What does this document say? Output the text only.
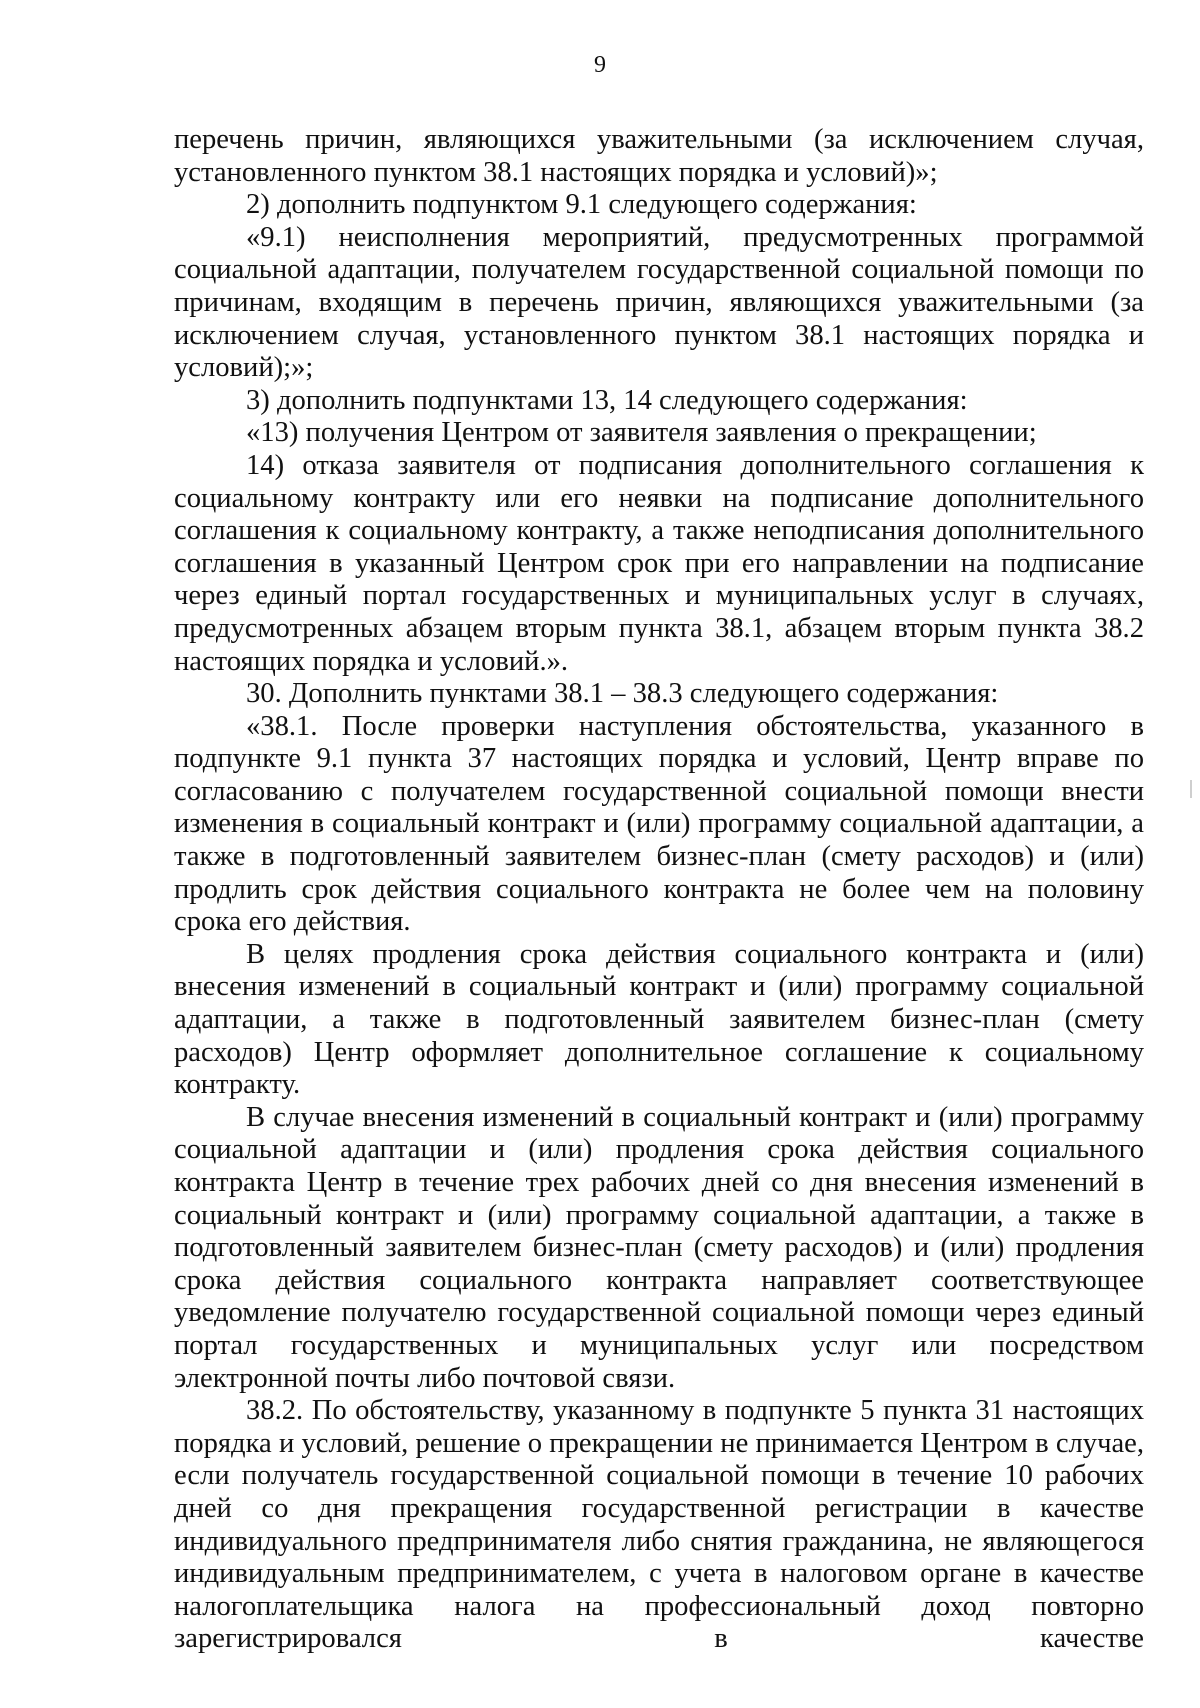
9

перечень причин, являющихся уважительными (за исключением случая, установленного пунктом 38.1 настоящих порядка и условий)»;

2) дополнить подпунктом 9.1 следующего содержания:

«9.1) неисполнения мероприятий, предусмотренных программой социальной адаптации, получателем государственной социальной помощи по причинам, входящим в перечень причин, являющихся уважительными (за исключением случая, установленного пунктом 38.1 настоящих порядка и условий);»;

3) дополнить подпунктами 13, 14 следующего содержания:

«13) получения Центром от заявителя заявления о прекращении;

14) отказа заявителя от подписания дополнительного соглашения к социальному контракту или его неявки на подписание дополнительного соглашения к социальному контракту, а также неподписания дополнительного соглашения в указанный Центром срок при его направлении на подписание через единый портал государственных и муниципальных услуг в случаях, предусмотренных абзацем вторым пункта 38.1, абзацем вторым пункта 38.2 настоящих порядка и условий.».

30. Дополнить пунктами 38.1 – 38.3 следующего содержания:

«38.1. После проверки наступления обстоятельства, указанного в подпункте 9.1 пункта 37 настоящих порядка и условий, Центр вправе по согласованию с получателем государственной социальной помощи внести изменения в социальный контракт и (или) программу социальной адаптации, а также в подготовленный заявителем бизнес-план (смету расходов) и (или) продлить срок действия социального контракта не более чем на половину срока его действия.

В целях продления срока действия социального контракта и (или) внесения изменений в социальный контракт и (или) программу социальной адаптации, а также в подготовленный заявителем бизнес-план (смету расходов) Центр оформляет дополнительное соглашение к социальному контракту.

В случае внесения изменений в социальный контракт и (или) программу социальной адаптации и (или) продления срока действия социального контракта Центр в течение трех рабочих дней со дня внесения изменений в социальный контракт и (или) программу социальной адаптации, а также в подготовленный заявителем бизнес-план (смету расходов) и (или) продления срока действия социального контракта направляет соответствующее уведомление получателю государственной социальной помощи через единый портал государственных и муниципальных услуг или посредством электронной почты либо почтовой связи.

38.2. По обстоятельству, указанному в подпункте 5 пункта 31 настоящих порядка и условий, решение о прекращении не принимается Центром в случае, если получатель государственной социальной помощи в течение 10 рабочих дней со дня прекращения государственной регистрации в качестве индивидуального предпринимателя либо снятия гражданина, не являющегося индивидуальным предпринимателем, с учета в налоговом органе в качестве налогоплательщика налога на профессиональный доход повторно зарегистрировался в качестве
